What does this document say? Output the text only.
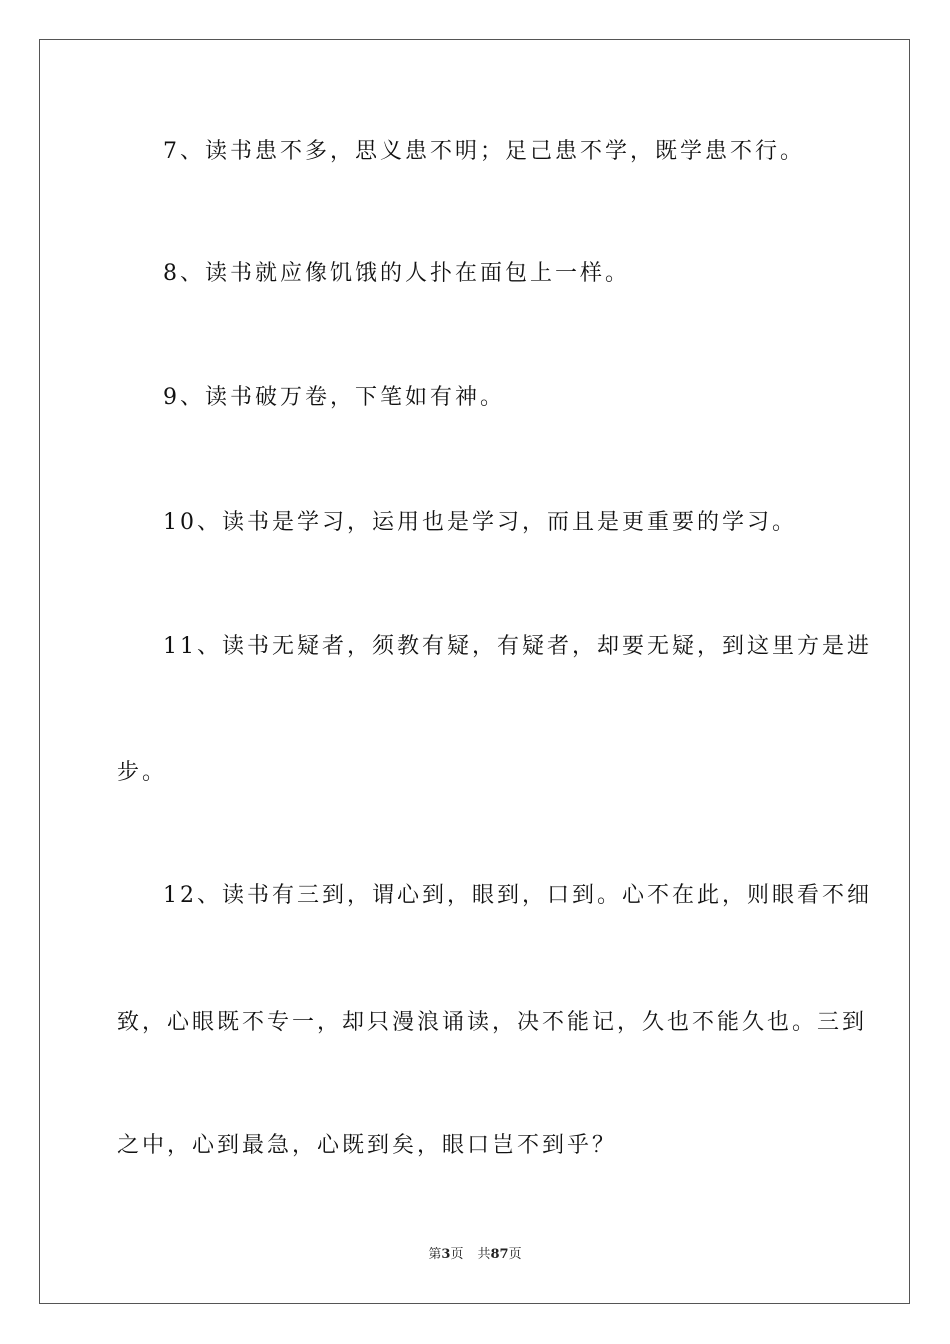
7、读书患不多，思义患不明；足己患不学，既学患不行。
8、读书就应像饥饿的人扑在面包上一样。
9、读书破万卷，下笔如有神。
10、读书是学习，运用也是学习，而且是更重要的学习。
11、读书无疑者，须教有疑，有疑者，却要无疑，到这里方是进
步。
12、读书有三到，谓心到，眼到，口到。心不在此，则眼看不细
致，心眼既不专一，却只漫浪诵读，决不能记，久也不能久也。三到
之中，心到最急，心既到矣，眼口岂不到乎？
第3页 共87页
